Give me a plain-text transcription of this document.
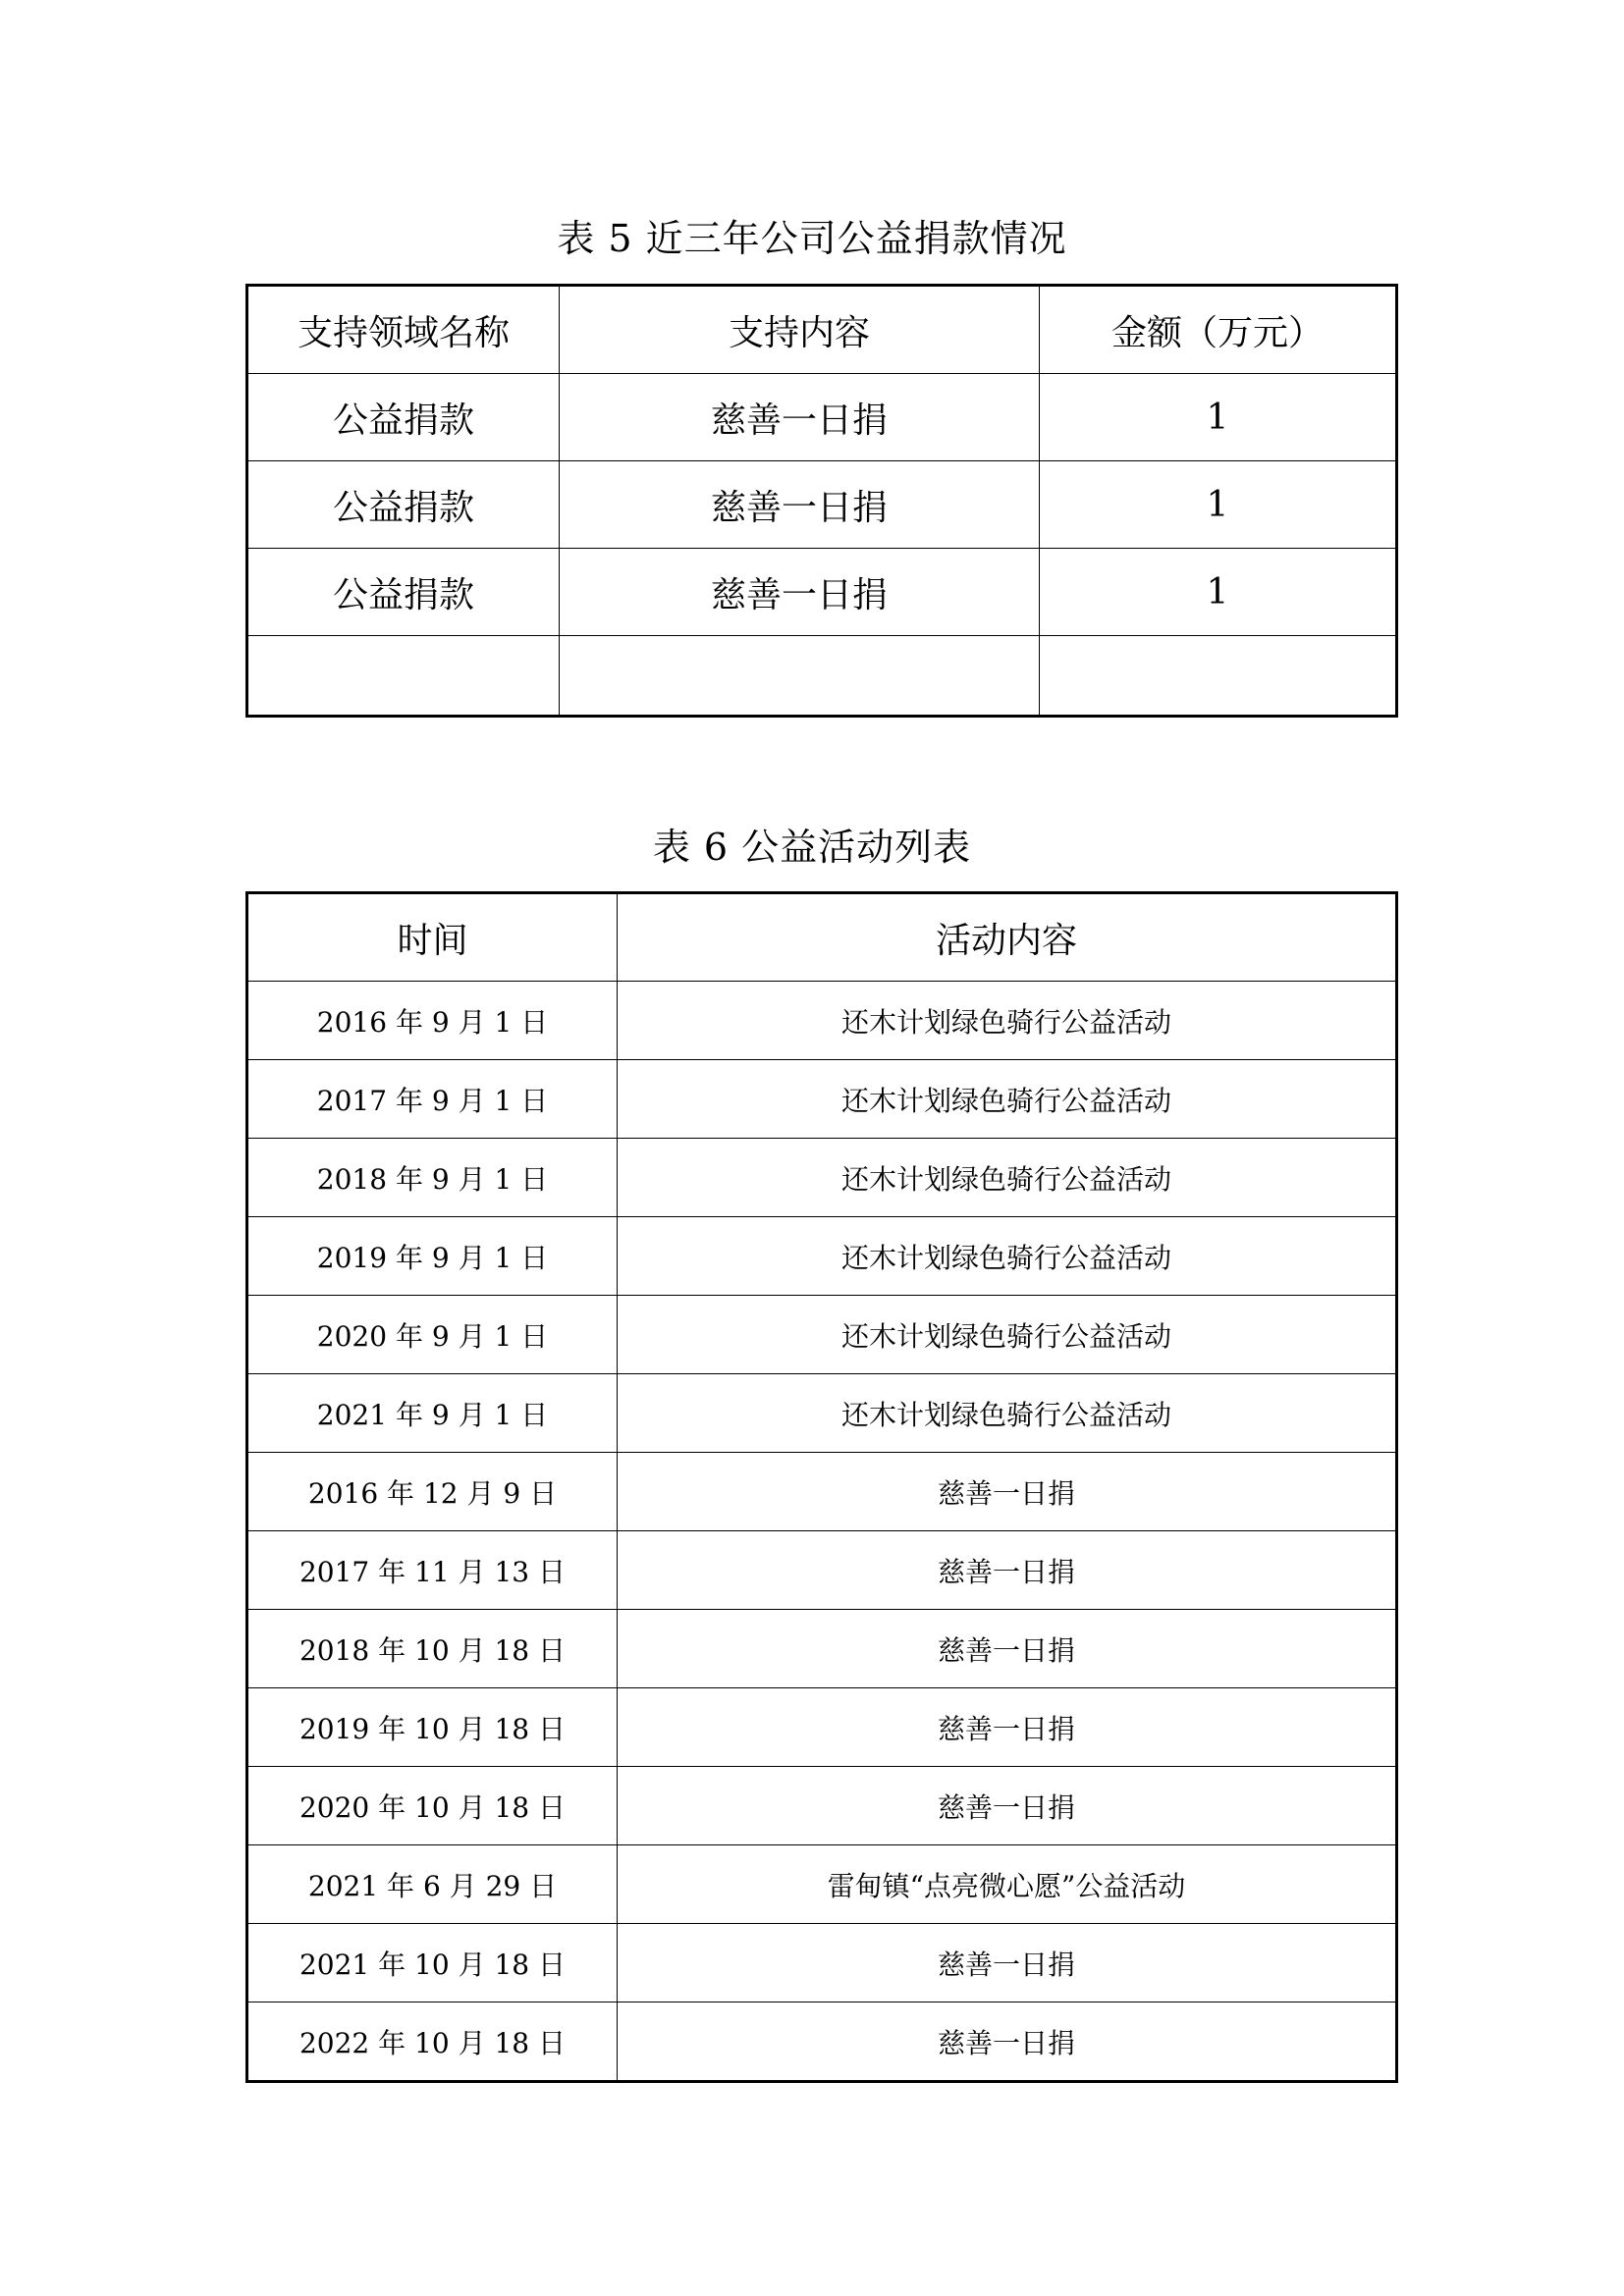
表 5 近三年公司公益捐款情况
支持领域名称	支持内容	金额（万元）
公益捐款	慈善一日捐	1
公益捐款	慈善一日捐	1
公益捐款	慈善一日捐	1

表 6 公益活动列表
时间	活动内容
2016 年 9 月 1 日	还木计划绿色骑行公益活动
2017 年 9 月 1 日	还木计划绿色骑行公益活动
2018 年 9 月 1 日	还木计划绿色骑行公益活动
2019 年 9 月 1 日	还木计划绿色骑行公益活动
2020 年 9 月 1 日	还木计划绿色骑行公益活动
2021 年 9 月 1 日	还木计划绿色骑行公益活动
2016 年 12 月 9 日	慈善一日捐
2017 年 11 月 13 日	慈善一日捐
2018 年 10 月 18 日	慈善一日捐
2019 年 10 月 18 日	慈善一日捐
2020 年 10 月 18 日	慈善一日捐
2021 年 6 月 29 日	雷甸镇“点亮微心愿”公益活动
2021 年 10 月 18 日	慈善一日捐
2022 年 10 月 18 日	慈善一日捐
